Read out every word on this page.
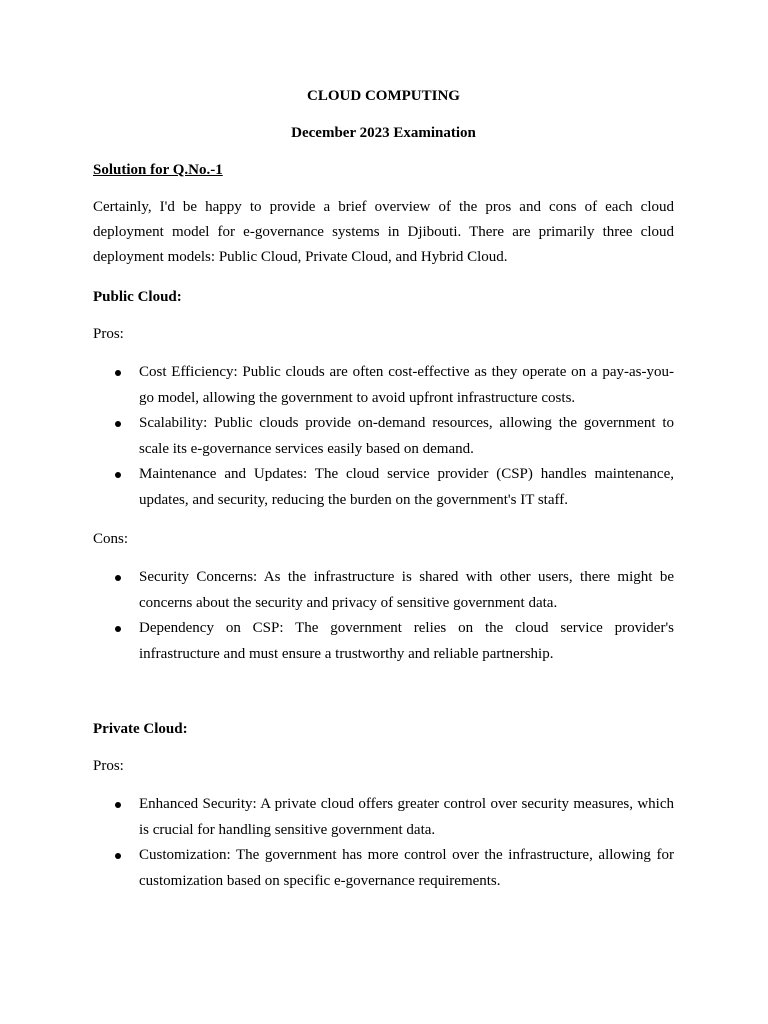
CLOUD COMPUTING

December 2023 Examination

Solution for Q.No.-1

Certainly, I'd be happy to provide a brief overview of the pros and cons of each cloud deployment model for e-governance systems in Djibouti. There are primarily three cloud deployment models: Public Cloud, Private Cloud, and Hybrid Cloud.

Public Cloud:

Pros:

Cost Efficiency: Public clouds are often cost-effective as they operate on a pay-as-you-go model, allowing the government to avoid upfront infrastructure costs.
Scalability: Public clouds provide on-demand resources, allowing the government to scale its e-governance services easily based on demand.
Maintenance and Updates: The cloud service provider (CSP) handles maintenance, updates, and security, reducing the burden on the government's IT staff.

Cons:

Security Concerns: As the infrastructure is shared with other users, there might be concerns about the security and privacy of sensitive government data.
Dependency on CSP: The government relies on the cloud service provider's infrastructure and must ensure a trustworthy and reliable partnership.

Private Cloud:

Pros:

Enhanced Security: A private cloud offers greater control over security measures, which is crucial for handling sensitive government data.
Customization: The government has more control over the infrastructure, allowing for customization based on specific e-governance requirements.
